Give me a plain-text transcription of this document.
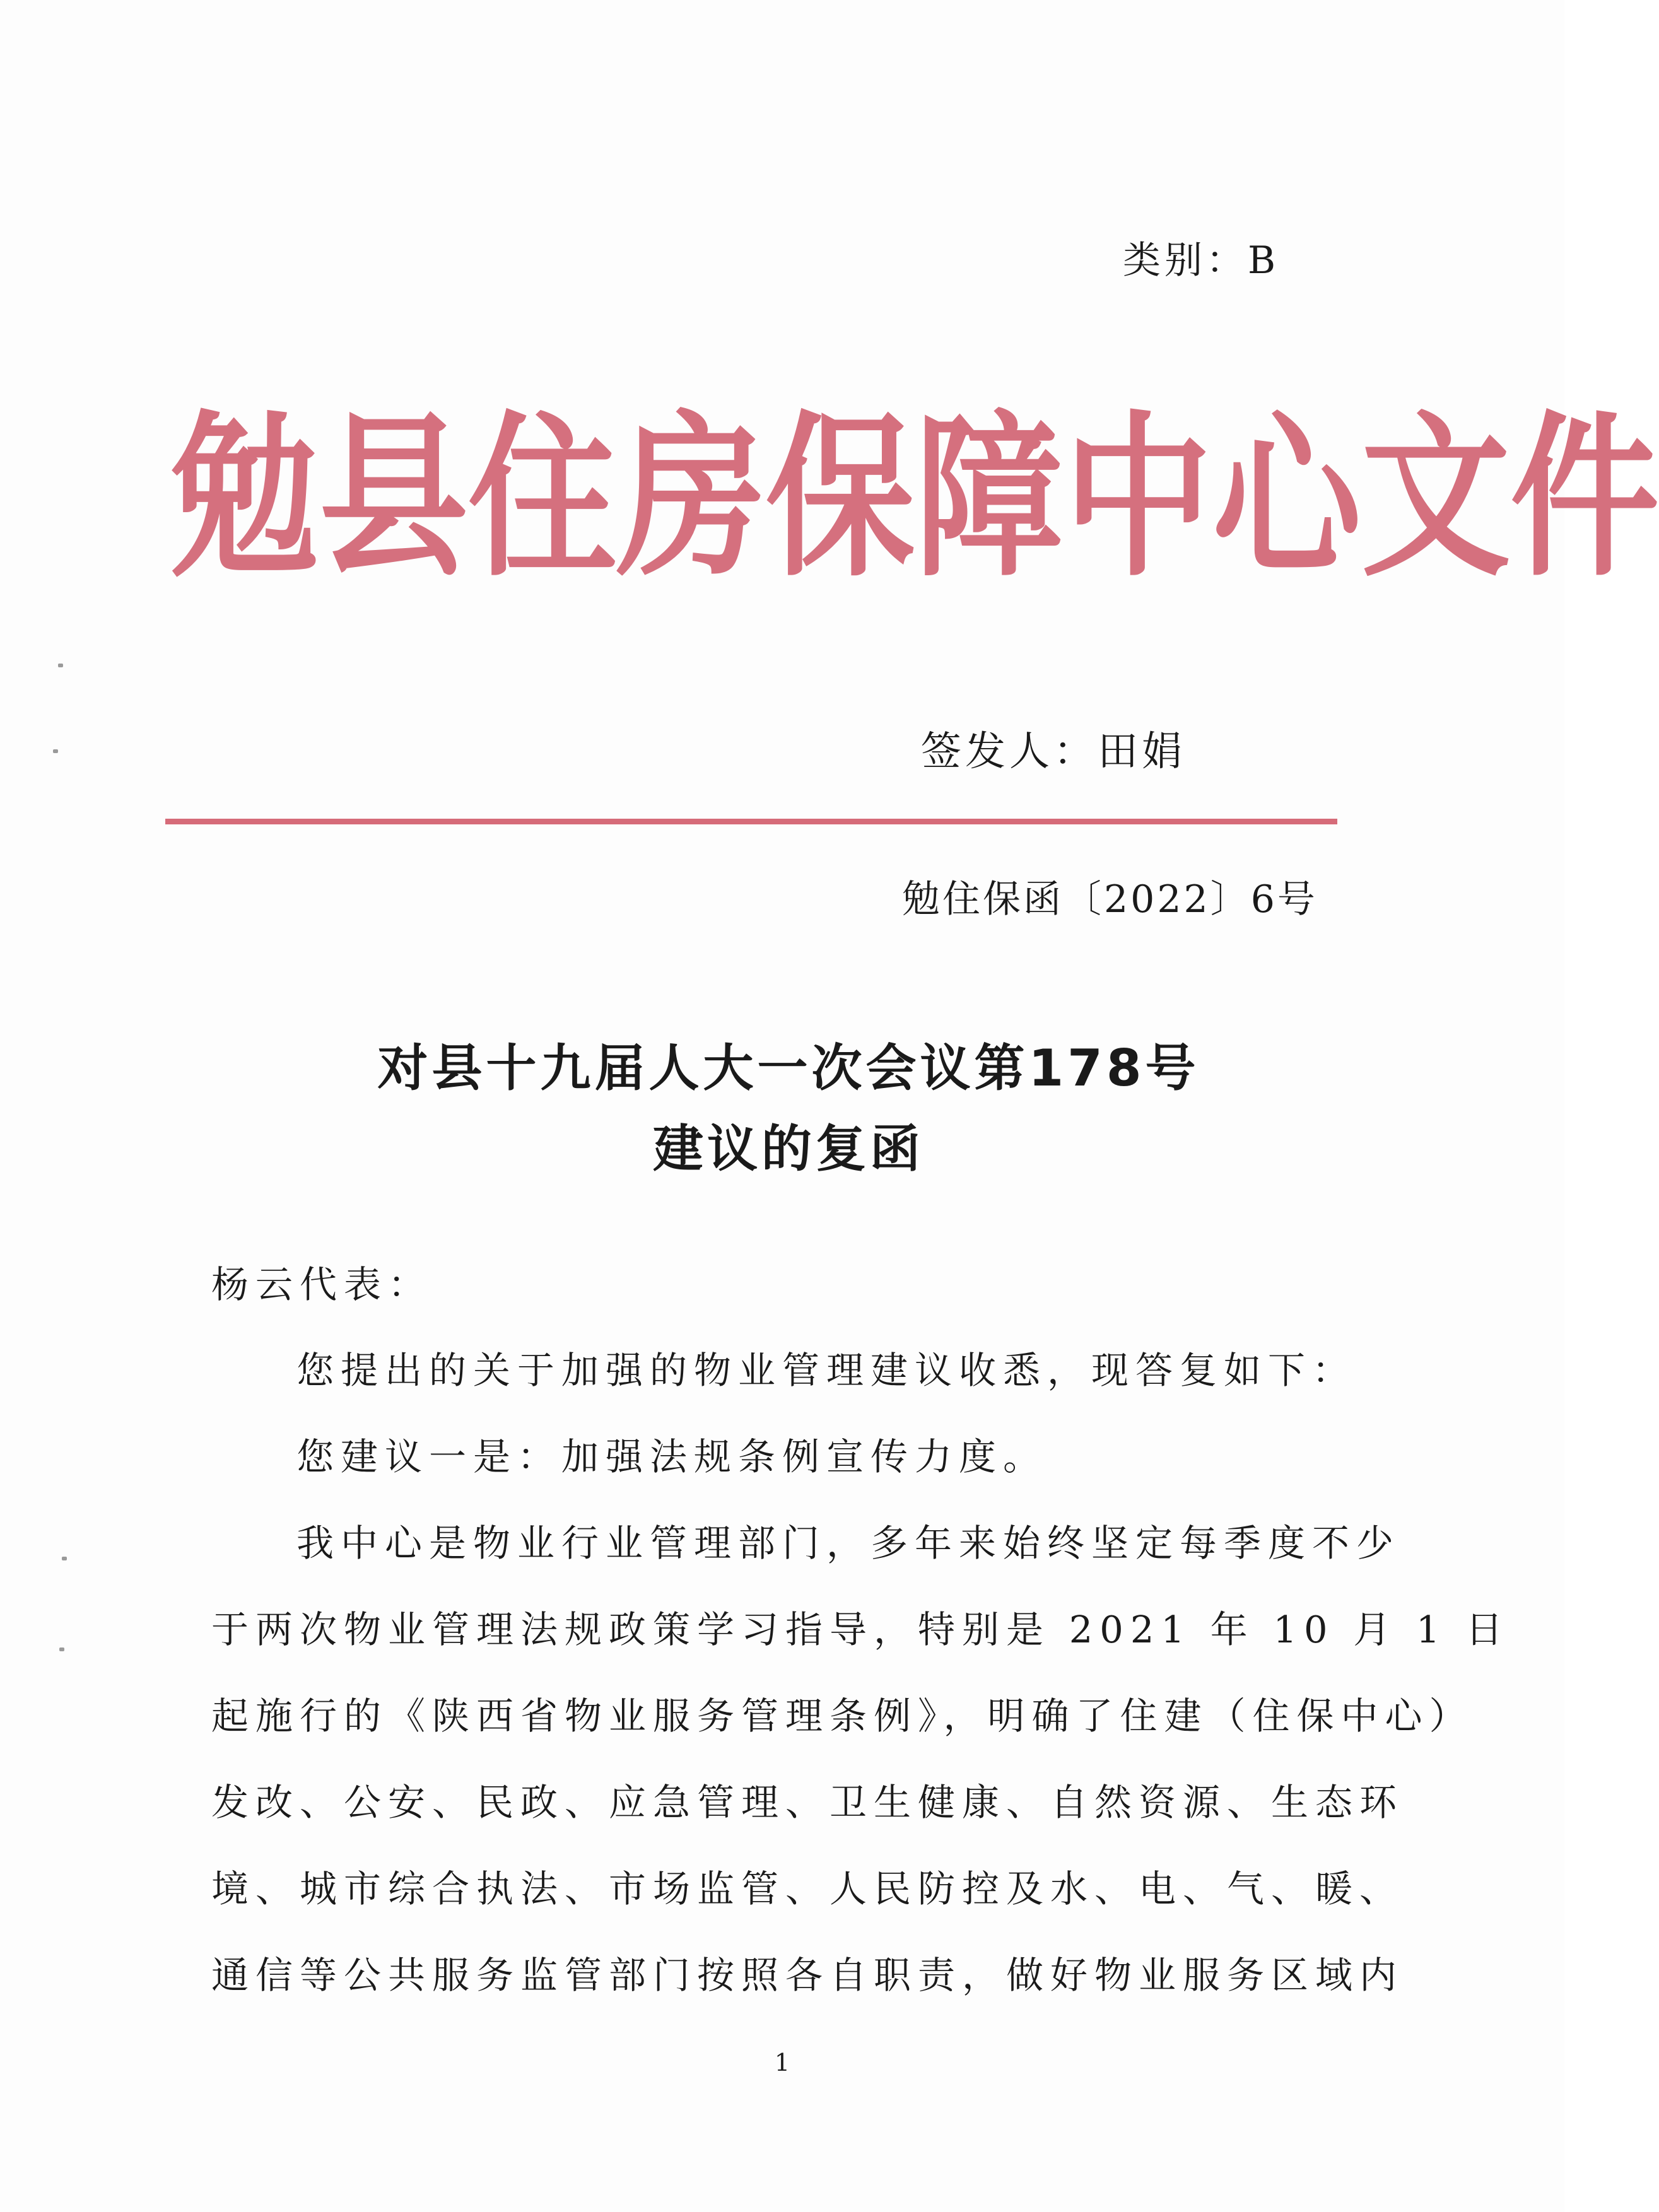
类别：B
勉 县 住 房 保 障 中 心 文 件
签发人：田娟
勉住保函〔2022〕6号
对县十九届人大一次会议第178号
建议的复函
杨云代表：
您提出的关于加强的物业管理建议收悉，现答复如下：
您建议一是：加强法规条例宣传力度。
我中心是物业行业管理部门，多年来始终坚定每季度不少
于两次物业管理法规政策学习指导，特别是 2021 年 10 月 1 日
起施行的《陕西省物业服务管理条例》，明确了住建（住保中心）
发改、公安、民政、应急管理、卫生健康、自然资源、生态环
境、城市综合执法、市场监管、人民防控及水、电、气、暖、
通信等公共服务监管部门按照各自职责，做好物业服务区域内
1
